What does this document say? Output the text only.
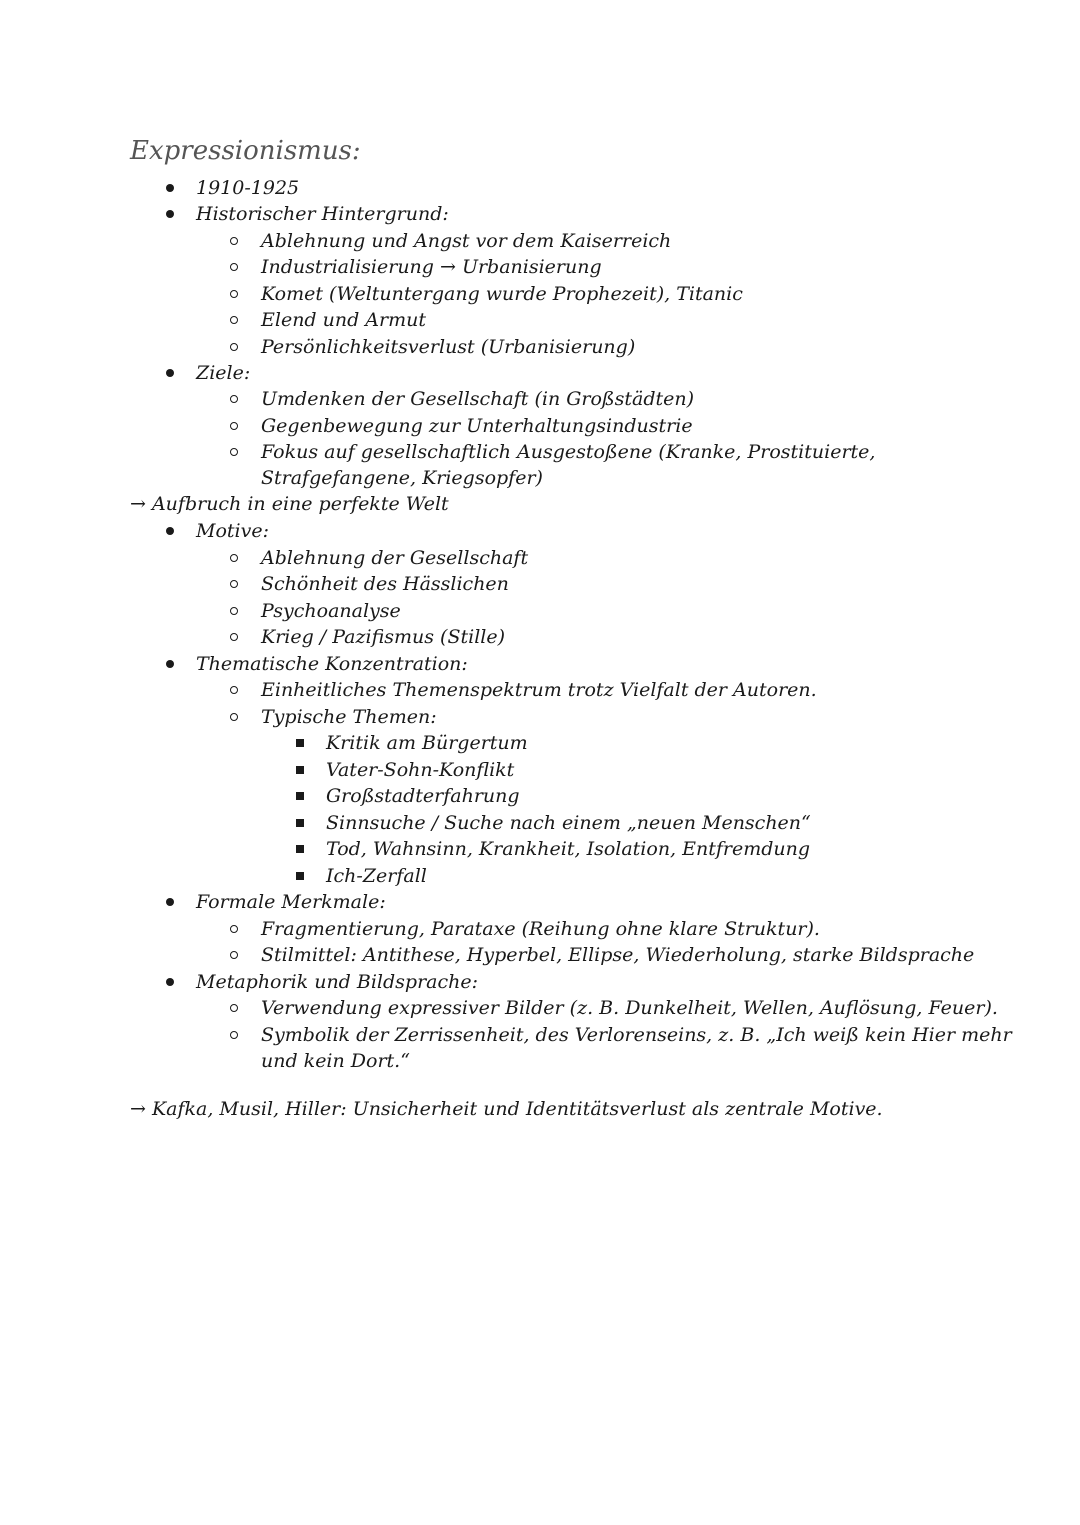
Expressionismus:
1910-1925
Historischer Hintergrund:
Ablehnung und Angst vor dem Kaiserreich
Industrialisierung → Urbanisierung
Komet (Weltuntergang wurde Prophezeit), Titanic
Elend und Armut
Persönlichkeitsverlust (Urbanisierung)
Ziele:
Umdenken der Gesellschaft (in Großstädten)
Gegenbewegung zur Unterhaltungsindustrie
Fokus auf gesellschaftlich Ausgestoßene (Kranke, Prostituierte,
Strafgefangene, Kriegsopfer)
→ Aufbruch in eine perfekte Welt
Motive:
Ablehnung der Gesellschaft
Schönheit des Hässlichen
Psychoanalyse
Krieg / Pazifismus (Stille)
Thematische Konzentration:
Einheitliches Themenspektrum trotz Vielfalt der Autoren.
Typische Themen:
Kritik am Bürgertum
Vater-Sohn-Konflikt
Großstadterfahrung
Sinnsuche / Suche nach einem „neuen Menschen“
Tod, Wahnsinn, Krankheit, Isolation, Entfremdung
Ich-Zerfall
Formale Merkmale:
Fragmentierung, Parataxe (Reihung ohne klare Struktur).
Stilmittel: Antithese, Hyperbel, Ellipse, Wiederholung, starke Bildsprache
Metaphorik und Bildsprache:
Verwendung expressiver Bilder (z. B. Dunkelheit, Wellen, Auflösung, Feuer).
Symbolik der Zerrissenheit, des Verlorenseins, z. B. „Ich weiß kein Hier mehr
und kein Dort.“
→ Kafka, Musil, Hiller: Unsicherheit und Identitätsverlust als zentrale Motive.
